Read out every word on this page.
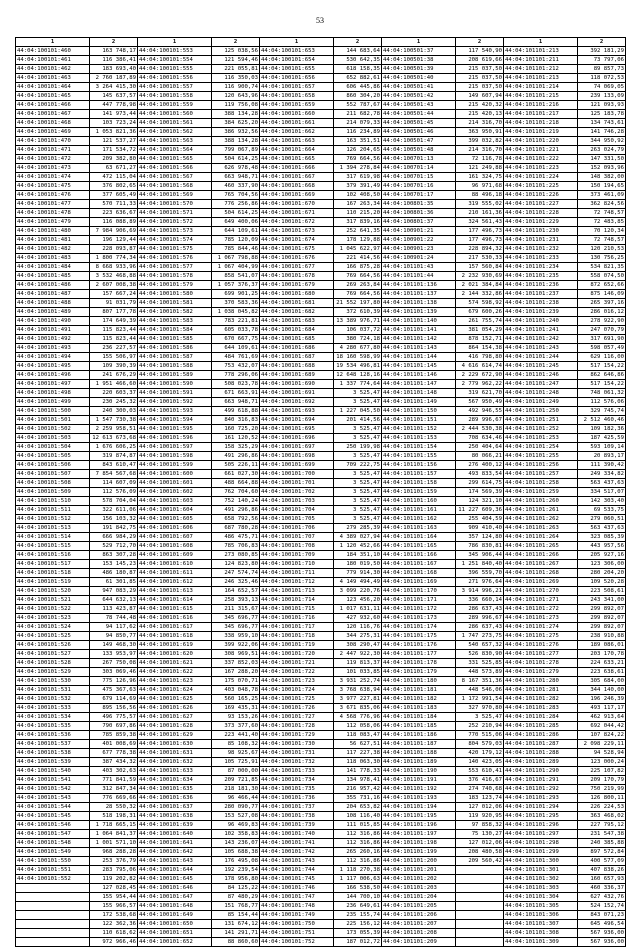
53
1	2	1	2	1	2	1	2	1	2
44:04:100101:460	163 748,17	44:04:100101:553	125 038,56	44:04:100101:653	144 683,64	44:04:100501:37	117 540,90	44:04:101101:213	392 181,29
44:04:100101:461	116 386,41	44:04:100101:554	121 594,46	44:04:100101:654	530 642,35	44:04:100501:38	208 619,66	44:04:101101:211	73 797,06
44:04:100101:462	183 693,40	44:04:100101:555	221 055,81	44:04:100101:655	618 158,35	44:04:100501:39	215 037,50	44:04:101101:212	89 857,73
44:04:100101:463	2 760 187,89	44:04:100101:556	116 350,03	44:04:100101:656	652 882,61	44:04:100501:40	215 037,50	44:04:101101:213	118 072,53
44:04:100101:464	3 264 415,30	44:04:100101:557	116 900,74	44:04:100101:657	606 445,86	44:04:100501:41	215 037,50	44:04:101101:214	74 069,05
44:04:100101:465	145 637,57	44:04:100101:558	120 643,96	44:04:100101:658	860 304,20	44:04:100501:42	149 607,94	44:04:101101:215	239 133,09
44:04:100101:466	447 778,98	44:04:100101:559	119 756,08	44:04:100101:659	552 787,67	44:04:100501:43	215 420,32	44:04:101101:216	121 093,93
44:04:100101:467	141 973,44	44:04:100101:560	388 134,28	44:04:100101:660	211 682,78	44:04:100501:44	215 420,13	44:04:101101:217	125 183,78
44:04:100101:468	103 723,24	44:04:100101:561	384 625,20	44:04:100101:661	214 079,33	44:04:100501:45	214 316,70	44:04:101101:218	134 743,61
44:04:100101:469	1 053 821,36	44:04:100101:562	386 932,56	44:04:100101:662	116 234,89	44:04:100501:46	363 950,91	44:04:101101:219	141 746,28
44:04:100101:470	121 537,27	44:04:100101:563	388 134,28	44:04:100101:663	163 351,51	44:04:100501:47	399 032,82	44:04:101101:220	344 950,92
44:04:100101:471	171 534,72	44:04:100101:564	799 067,89	44:04:100101:664	126 204,65	44:04:100501:48	214 316,70	44:04:101101:221	263 024,79
44:04:100101:472	209 382,80	44:04:100101:565	504 614,25	44:04:100101:665	769 664,56	44:04:100701:13	72 116,78	44:04:101101:222	147 331,50
44:04:100101:473	63 671,27	44:04:100101:566	626 978,48	44:04:100101:666	1 394 278,84	44:04:100701:14	121 249,88	44:04:101101:223	152 093,96
44:04:100101:474	472 115,04	44:04:100101:567	663 948,71	44:04:100101:667	317 619,98	44:04:100701:15	161 324,75	44:04:101101:224	148 382,00
44:04:100101:475	376 802,65	44:04:100101:568	460 337,90	44:04:100101:668	379 391,49	44:04:100701:16	96 971,68	44:04:101101:225	150 194,65
44:04:100101:476	377 605,49	44:04:100101:569	765 704,56	44:04:100101:669	102 408,50	44:04:100701:17	88 496,18	44:04:101101:226	373 461,09
44:04:100101:477	570 711,33	44:04:100101:570	776 256,86	44:04:100101:670	167 263,34	44:04:100801:35	319 555,02	44:04:101101:227	362 824,56
44:04:100101:478	223 636,67	44:04:100101:571	504 614,25	44:04:100101:671	110 215,20	44:04:100801:36	210 161,36	44:04:101101:228	72 748,57
44:04:100101:479	116 088,89	44:04:100101:572	649 400,06	44:04:100101:672	317 839,16	44:04:100801:37	324 561,43	44:04:101101:229	72 483,85
44:04:100101:480	7 984 906,69	44:04:100101:573	644 109,61	44:04:100101:673	252 641,35	44:04:100901:21	177 496,73	44:04:101101:230	70 120,34
44:04:100101:481	196 129,44	44:04:100101:574	785 120,09	44:04:100101:674	178 129,88	44:04:100901:22	177 496,73	44:04:101101:231	72 748,57
44:04:100101:482	228 093,87	44:04:100101:575	785 844,46	44:04:100101:675	1 045 622,97	44:04:100901:23	228 894,32	44:04:101101:232	120 210,53
44:04:100101:483	1 800 774,34	44:04:100101:576	1 067 798,88	44:04:100101:676	221 414,56	44:04:100901:24	217 530,33	44:04:101101:233	130 756,25
44:04:100101:484	8 668 933,96	44:04:100101:577	1 067 404,99	44:04:100101:677	166 875,28	44:04:101101:43	157 560,84	44:04:101101:234	534 821,35
44:04:100101:485	3 532 468,88	44:04:100101:578	858 541,07	44:04:100101:678	769 664,56	44:04:101101:44	2 232 930,69	44:04:101101:235	558 074,50
44:04:100101:486	2 607 008,38	44:04:100101:579	1 057 376,37	44:04:100101:679	269 263,84	44:04:101101:136	2 021 384,84	44:04:101101:236	872 652,66
44:04:100101:487	157 667,24	44:04:100101:580	699 901,25	44:04:100101:680	769 664,56	44:04:101101:137	2 144 332,86	44:04:101101:237	875 146,09
44:04:100101:488	91 031,79	44:04:100101:581	370 583,36	44:04:100101:681	21 552 197,80	44:04:101101:138	574 598,92	44:04:101101:238	265 397,16
44:04:100101:489	807 177,78	44:04:100101:582	1 038 045,82	44:04:100101:682	372 610,39	44:04:101101:139	679 600,26	44:04:101101:239	286 016,12
44:04:100101:490	174 649,39	44:04:100101:583	783 221,81	44:04:100101:683	13 389 976,71	44:04:101101:140	261 755,74	44:04:101101:240	278 922,90
44:04:100101:491	115 823,44	44:04:100101:584	605 033,78	44:04:100101:684	106 037,72	44:04:101101:141	381 054,29	44:04:101101:241	247 070,79
44:04:100101:492	115 823,44	44:04:100101:585	670 667,75	44:04:100101:685	380 724,18	44:04:101101:142	878 152,71	44:04:101101:242	317 691,90
44:04:100101:493	236 227,57	44:04:100101:586	644 109,61	44:04:100101:686	4 280 677,80	44:04:101101:143	864 154,38	44:04:101101:243	598 057,49
44:04:100101:494	155 506,97	44:04:100101:587	484 761,69	44:04:100101:687	18 160 598,99	44:04:101101:144	416 798,80	44:04:101101:244	629 116,00
44:04:100101:495	109 390,39	44:04:100101:588	753 432,07	44:04:100101:688	19 534 496,81	44:04:101101:145	4 616 614,74	44:04:101101:245	517 154,22
44:04:100101:496	241 676,29	44:04:100101:589	778 296,06	44:04:100101:689	12 648 128,16	44:04:101101:146	2 229 672,90	44:04:101101:246	862 646,86
44:04:100101:497	1 951 466,60	44:04:100101:590	508 023,78	44:04:100101:690	1 337 774,64	44:04:101101:147	2 779 962,22	44:04:101101:247	517 154,22
44:04:100101:498	220 603,37	44:04:100101:591	671 663,91	44:04:100101:691	3 525,47	44:04:101101:148	319 621,70	44:04:101101:248	748 061,32
44:04:100101:499	230 245,32	44:04:100101:592	663 948,71	44:04:100101:692	3 525,47	44:04:101101:149	567 950,49	44:04:101101:249	112 576,06
44:04:100101:500	240 300,03	44:04:100101:593	499 618,88	44:04:100101:693	1 227 045,50	44:04:101101:150	492 946,55	44:04:101101:250	329 745,74
44:04:100101:501	1 547 730,38	44:04:100101:594	840 316,83	44:04:100101:694	201 414,56	44:04:101101:151	289 996,67	44:04:101101:251	2 512 460,46
44:04:100101:502	2 259 958,51	44:04:100101:595	160 725,20	44:04:100101:695	3 525,47	44:04:101101:152	2 444 530,38	44:04:101101:252	109 182,36
44:04:100101:503	12 613 673,68	44:04:100101:596	161 120,52	44:04:100101:696	3 525,47	44:04:101101:153	708 634,46	44:04:101101:253	187 425,59
44:04:100101:504	1 676 606,25	44:04:100101:597	158 325,29	44:04:100101:697	250 199,98	44:04:101101:154	250 404,64	44:04:101101:254	593 109,14
44:04:100101:505	319 874,87	44:04:100101:598	491 296,86	44:04:100101:698	3 525,47	44:04:101101:155	80 066,21	44:04:101101:255	20 893,17
44:04:100101:506	843 610,47	44:04:100101:599	505 226,11	44:04:100101:699	709 222,75	44:04:101101:156	276 400,12	44:04:101101:256	111 390,42
44:04:100101:507	7 854 567,68	44:04:100101:600	661 027,30	44:04:100101:700	3 525,47	44:04:101101:157	493 833,54	44:04:101101:257	249 334,82
44:04:100101:508	114 607,09	44:04:100101:601	488 664,88	44:04:100101:701	3 525,47	44:04:101101:158	299 614,75	44:04:101101:258	563 437,63
44:04:100101:509	112 576,09	44:04:100101:602	762 704,60	44:04:100101:702	3 525,47	44:04:101101:159	174 569,39	44:04:101101:259	334 517,07
44:04:100101:510	578 704,04	44:04:100101:603	752 140,24	44:04:100101:703	3 525,47	44:04:101101:160	124 321,10	44:04:101101:260	142 303,40
44:04:100101:511	322 611,06	44:04:100101:604	491 296,86	44:04:100101:704	3 525,47	44:04:101101:161	11 227 609,36	44:04:101101:261	69 533,75
44:04:100101:512	156 103,32	44:04:100101:605	658 792,56	44:04:100101:705	3 525,47	44:04:101101:162	255 404,59	44:04:101101:262	279 060,51
44:04:100101:513	191 842,75	44:04:100101:606	687 780,28	44:04:100101:706	279 285,39	44:04:101101:163	909 410,40	44:04:101101:263	563 437,63
44:04:100101:514	666 984,29	44:04:100101:607	486 475,71	44:04:100101:707	4 389 027,94	44:04:101101:164	357 124,80	44:04:101101:264	323 085,39
44:04:100101:515	529 712,70	44:04:100101:608	785 706,83	44:04:100101:708	1 120 452,66	44:04:101101:165	786 830,81	44:04:101101:265	443 957,56
44:04:100101:516	863 307,28	44:04:100101:609	273 080,85	44:04:100101:709	184 351,10	44:04:101101:166	345 906,44	44:04:101101:266	205 927,16
44:04:100101:517	153 145,23	44:04:100101:610	124 823,80	44:04:100101:710	180 019,50	44:04:101101:167	1 251 840,40	44:04:101101:267	123 306,00
44:04:100101:518	486 180,87	44:04:100101:611	247 574,74	44:04:100101:711	779 914,30	44:04:101101:168	396 559,70	44:04:101101:268	280 204,20
44:04:100101:519	61 301,85	44:04:100101:612	246 325,46	44:04:100101:712	4 149 494,49	44:04:101101:169	271 976,64	44:04:101101:269	109 520,28
44:04:100101:520	947 083,29	44:04:100101:613	164 652,57	44:04:100101:713	3 099 220,76	44:04:101101:170	3 914 996,21	44:04:101101:270	223 508,61
44:04:100101:521	644 632,13	44:04:100101:614	258 393,13	44:04:100101:714	123 456,20	44:04:101101:171	336 660,14	44:04:101101:271	243 341,00
44:04:100101:522	113 423,87	44:04:100101:615	211 315,67	44:04:100101:715	1 017 631,11	44:04:101101:172	286 637,43	44:04:101101:272	299 892,07
44:04:100101:523	78 744,48	44:04:100101:616	345 696,77	44:04:100101:716	427 932,60	44:04:101101:173	289 996,67	44:04:101101:273	299 892,07
44:04:100101:524	94 117,62	44:04:100101:617	345 696,77	44:04:100101:717	120 116,76	44:04:101101:174	286 637,43	44:04:101101:274	299 892,07
44:04:100101:525	94 850,77	44:04:100101:618	338 959,10	44:04:100101:718	344 275,31	44:04:101101:175	1 747 273,75	44:04:101101:275	238 910,88
44:04:100101:526	149 468,30	44:04:100101:619	399 922,06	44:04:100101:719	308 290,47	44:04:101101:176	540 657,32	44:04:101101:276	189 086,01
44:04:100101:527	133 953,97	44:04:100101:620	308 969,51	44:04:100101:720	2 447 922,30	44:04:101101:177	526 830,90	44:04:101101:277	203 170,78
44:04:100101:528	267 750,08	44:04:100101:621	337 852,03	44:04:100101:721	119 813,37	44:04:101101:178	331 525,85	44:04:101101:278	224 633,21
44:04:100101:529	303 069,46	44:04:100101:622	167 288,20	44:04:100101:722	101 033,85	44:04:101101:179	448 573,89	44:04:101101:279	223 638,61
44:04:100101:530	775 126,96	44:04:100101:623	175 070,71	44:04:100101:723	3 931 252,74	44:04:101101:180	8 167 351,36	44:04:101101:280	305 684,00
44:04:100101:531	475 367,63	44:04:100101:624	403 048,78	44:04:100101:724	3 768 638,94	44:04:101101:181	448 546,06	44:04:101101:281	344 140,00
44:04:100101:532	679 114,69	44:04:100101:625	560 165,25	44:04:100101:725	3 977 227,81	44:04:101101:182	1 172 991,54	44:04:101101:282	196 246,39
44:04:100101:533	895 156,56	44:04:100101:626	169 435,31	44:04:100101:726	3 671 835,06	44:04:101101:183	327 970,80	44:04:101101:283	493 117,17
44:04:100101:534	496 775,57	44:04:100101:627	93 153,26	44:04:100101:727	4 568 776,96	44:04:101101:184	3 525,47	44:04:101101:284	462 913,64
44:04:100101:535	790 697,86	44:04:100101:628	373 377,60	44:04:100101:728	112 058,06	44:04:101101:185	252 210,94	44:04:101101:285	692 044,42
44:04:100101:536	785 859,38	44:04:100101:629	223 441,40	44:04:100101:729	118 083,47	44:04:101101:186	770 515,06	44:04:101101:286	107 824,22
44:04:100101:537	401 008,69	44:04:100101:630	85 108,32	44:04:100101:730	56 627,51	44:04:101101:187	804 579,03	44:04:101101:287	2 098 229,11
44:04:100101:538	677 778,38	44:04:100101:631	98 925,67	44:04:100101:731	117 227,38	44:04:101101:188	420 179,12	44:04:101101:288	94 528,94
44:04:100101:539	387 434,32	44:04:100101:632	105 725,91	44:04:100101:732	118 063,30	44:04:101101:189	140 423,05	44:04:101101:289	123 000,24
44:04:100101:540	403 302,63	44:04:100101:633	87 000,00	44:04:100101:733	141 778,33	44:04:101101:190	553 610,41	44:04:101101:290	225 107,82
44:04:100101:541	771 841,59	44:04:100101:634	209 721,85	44:04:100101:734	134 978,41	44:04:101101:191	376 416,67	44:04:101101:291	209 170,79
44:04:100101:542	312 847,34	44:04:100101:635	218 181,30	44:04:100101:735	216 957,42	44:04:101101:192	274 740,68	44:04:101101:292	750 219,99
44:04:100101:543	776 669,66	44:04:100101:636	96 466,44	44:04:100101:736	355 731,16	44:04:101101:193	183 123,74	44:04:101101:293	126 800,11
44:04:100101:544	28 550,32	44:04:100101:637	280 090,77	44:04:100101:737	204 653,82	44:04:101101:194	127 012,06	44:04:101101:294	226 224,53
44:04:100101:545	518 198,31	44:04:100101:638	153 527,08	44:04:100101:738	108 116,40	44:04:101101:195	119 920,95	44:04:101101:295	363 468,02
44:04:100101:546	1 718 665,15	44:04:100101:639	96 469,83	44:04:100101:739	111 015,85	44:04:101101:196	97 858,32	44:04:101101:296	227 795,12
44:04:100101:547	1 064 841,37	44:04:100101:640	102 358,83	44:04:100101:740	112 316,86	44:04:101101:197	75 130,27	44:04:101101:297	231 547,38
44:04:100101:548	1 001 571,10	44:04:100101:641	143 236,07	44:04:100101:741	112 316,86	44:04:101101:198	127 012,06	44:04:101101:298	240 385,88
44:04:100101:549	968 288,28	44:04:100101:642	105 688,38	44:04:100101:742	265 260,16	44:04:101101:199	208 480,58	44:04:101101:299	897 572,84
44:04:100101:550	253 376,79	44:04:100101:643	176 495,08	44:04:100101:743	112 316,86	44:04:101101:200	209 560,42	44:04:101101:300	400 577,09
44:04:100101:551	283 795,06	44:04:100101:644	192 239,54	44:04:100101:744	1 118 270,38	44:04:101101:201		44:04:101101:301	407 838,26
44:04:100101:552	119 202,82	44:04:100101:645	178 956,80	44:04:100101:745	1 117 006,63	44:04:101101:202		44:04:101101:302	160 657,93
	127 028,45	44:04:100101:646	84 125,22	44:04:100101:746	166 538,50	44:04:101101:203		44:04:101101:303	460 336,37
	155 954,44	44:04:100101:647	87 480,29	44:04:100101:747	144 700,10	44:04:101101:204		44:04:101101:304	627 432,76
	155 966,57	44:04:100101:648	151 768,77	44:04:100101:748	236 649,61	44:04:101101:205		44:04:101101:305	524 152,74
	172 538,68	44:04:100101:649	85 154,44	44:04:100101:749	235 155,74	44:04:101101:206		44:04:101101:306	843 071,23
	122 362,36	44:04:100101:650	131 674,12	44:04:100101:750	225 156,12	44:04:101101:207		44:04:101101:307	645 496,54
	110 618,62	44:04:100101:651	141 291,71	44:04:100101:751	173 055,39	44:04:101101:208		44:04:101101:308	567 936,00
	972 966,46	44:04:100101:652	88 860,60	44:04:100101:752	187 012,72	44:04:101101:209		44:04:101101:309	567 936,00
